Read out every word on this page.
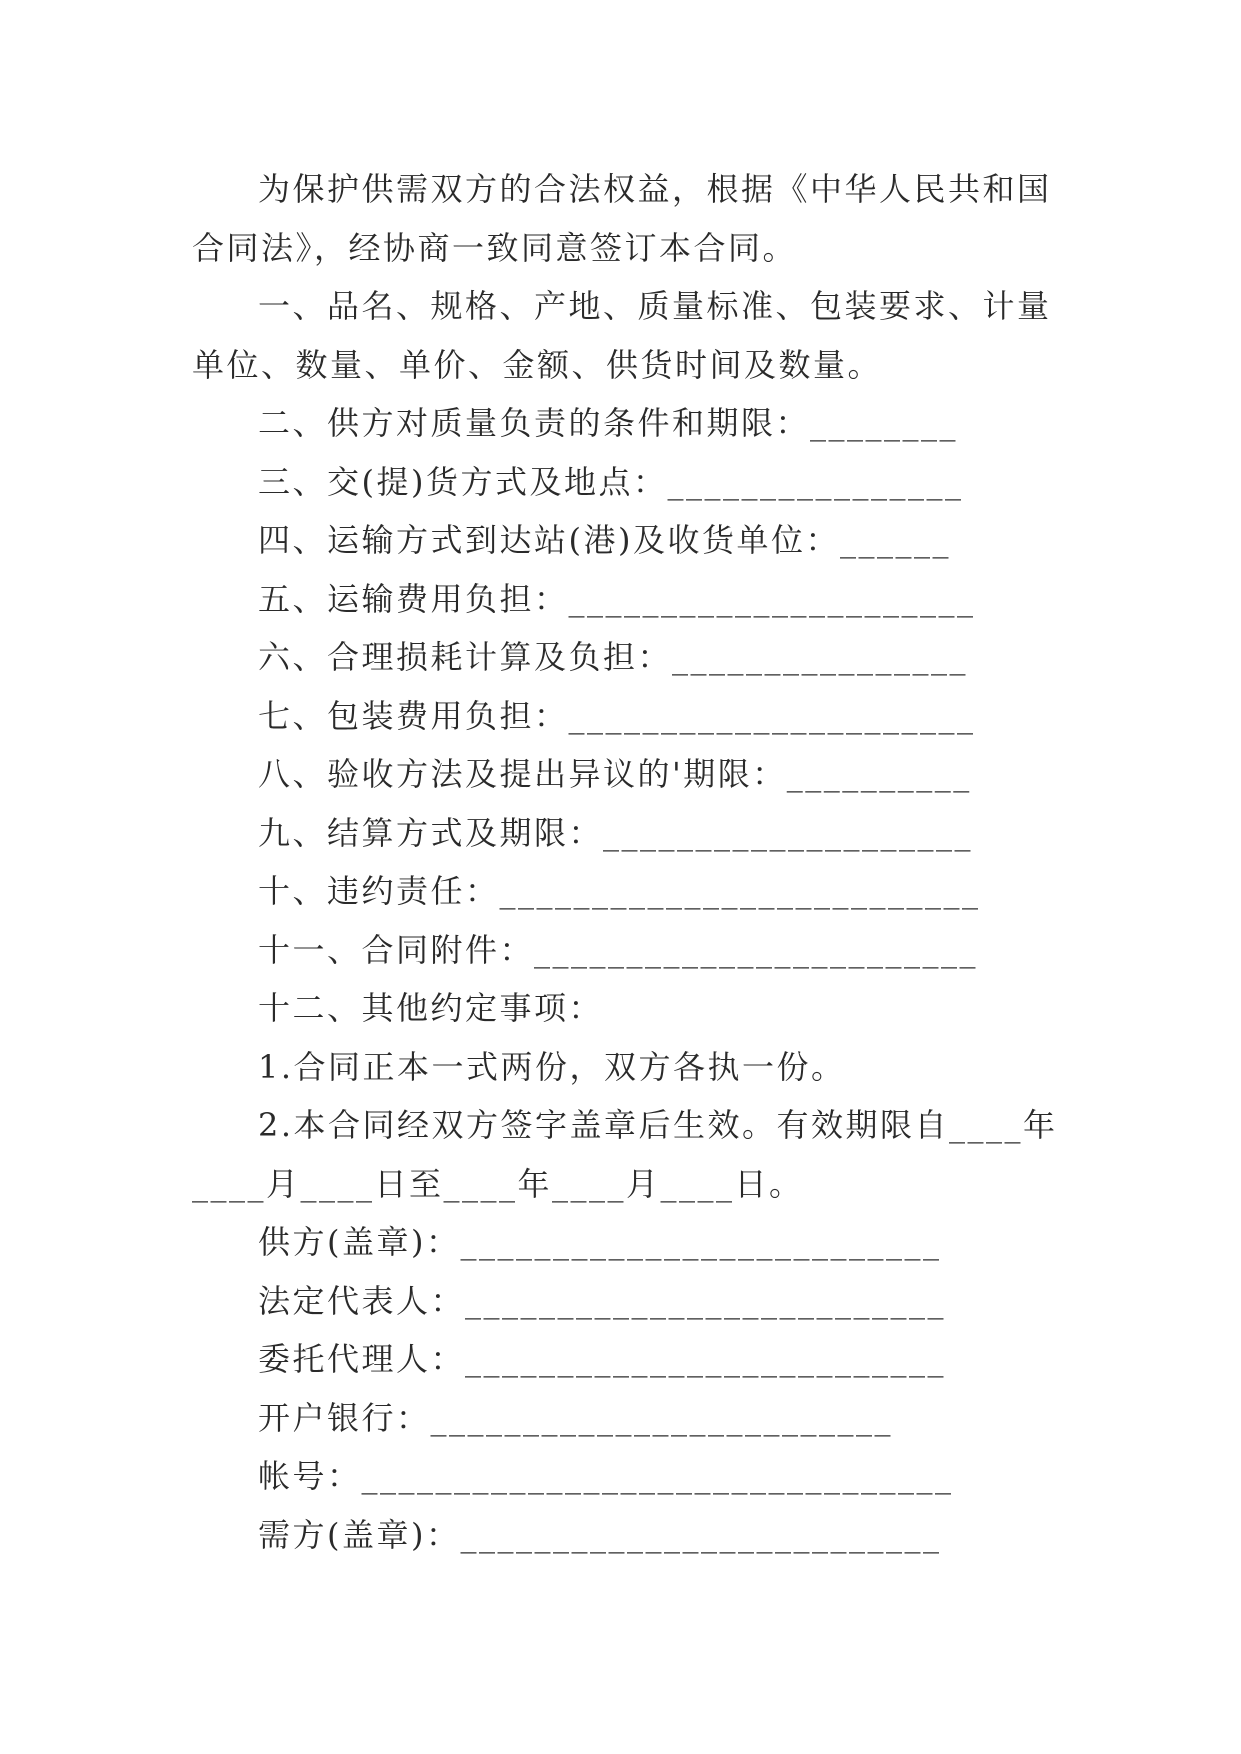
为保护供需双方的合法权益，根据《中华人民共和国合同法》，经协商一致同意签订本合同。

一、品名、规格、产地、质量标准、包装要求、计量单位、数量、单价、金额、供货时间及数量。

二、供方对质量负责的条件和期限：________

三、交(提)货方式及地点：________________

四、运输方式到达站(港)及收货单位：______

五、运输费用负担：______________________

六、合理损耗计算及负担：________________

七、包装费用负担：______________________

八、验收方法及提出异议的'期限：__________

九、结算方式及期限：____________________

十、违约责任：__________________________

十一、合同附件：________________________

十二、其他约定事项：

1.合同正本一式两份，双方各执一份。

2.本合同经双方签字盖章后生效。有效期限自____年____月____日至____年____月____日。

供方(盖章)：__________________________

法定代表人：__________________________

委托代理人：__________________________

开户银行：_________________________

帐号：________________________________

需方(盖章)：__________________________
